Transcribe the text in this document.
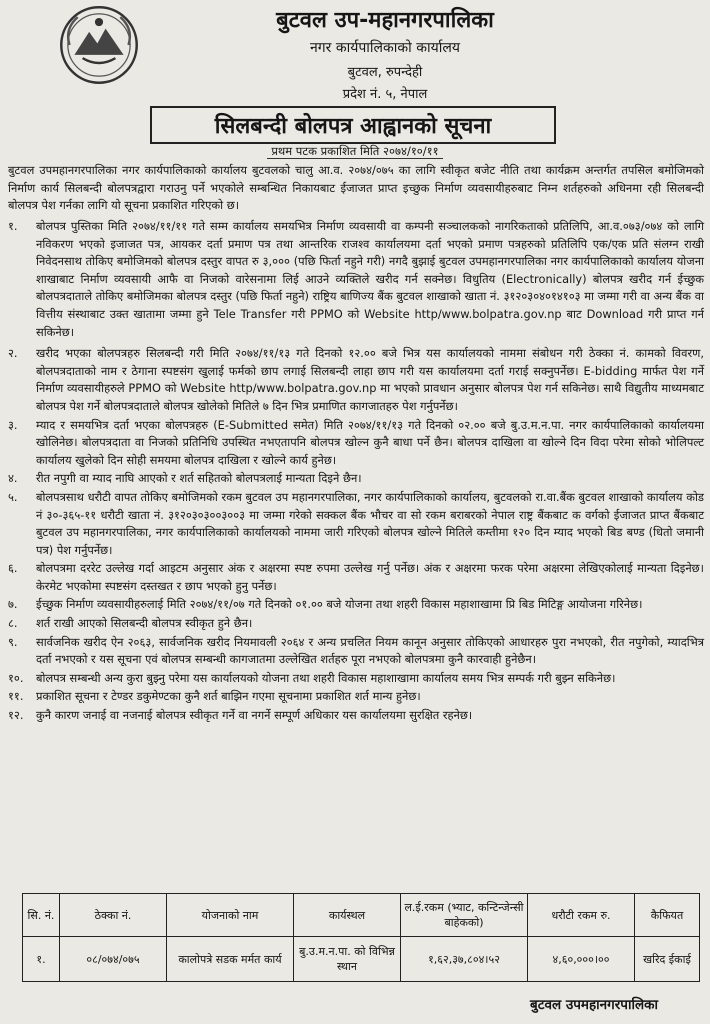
बुटवल उप-महानगरपालिका
नगर कार्यपालिकाको कार्यालय
बुटवल, रुपन्देही
प्रदेश नं. ५, नेपाल
सिलबन्दी बोलपत्र आह्वानको सूचना
प्रथम पटक प्रकाशित मिति २०७४/१०/११
बुटवल उपमहानगरपालिका नगर कार्यपालिकाको कार्यालय बुटवलको चालु आ.व. २०७४/०७५ का लागि स्वीकृत बजेट नीति तथा कार्यक्रम अन्तर्गत तपसिल बमोजिमको निर्माण कार्य सिलबन्दी बोलपत्रद्वारा गराउनु पर्ने भएकोले सम्बन्धित निकायबाट ईजाजत प्राप्त इच्छुक निर्माण व्यवसायीहरुबाट निम्न शर्तहरुको अधिनमा रही सिलबन्दी बोलपत्र पेश गर्नका लागि यो सूचना प्रकाशित गरिएको छ।
१.	बोलपत्र पुस्तिका मिति २०७४/११/११ गते सम्म कार्यालय समयभित्र निर्माण व्यवसायी वा कम्पनी सञ्चालकको नागरिकताको प्रतिलिपि, आ.व.०७३/०७४ को लागि नविकरण भएको इजाजत पत्र, आयकर दर्ता प्रमाण पत्र तथा आन्तरिक राजश्व कार्यालयमा दर्ता भएको प्रमाण पत्रहरुको प्रतिलिपि एक/एक प्रति संलग्न राखी निवेदनसाथ तोकिए बमोजिमको बोलपत्र दस्तुर वापत रु ३,००० (पछि फिर्ता नहुने गरी) नगदै बुझाई बुटवल उपमहानगरपालिका नगर कार्यपालिकाको कार्यालय योजना शाखाबाट निर्माण व्यवसायी आफै वा निजको वारेसनामा लिई आउने व्यक्तिले खरीद गर्न सक्नेछ। विधुतिय (Electronically) बोलपत्र खरीद गर्न ईच्छुक बोलपत्रदाताले तोकिए बमोजिमका बोलपत्र दस्तुर (पछि फिर्ता नहुने) राष्ट्रिय बाणिज्य बैंक बुटवल शाखाको खाता नं. ३१२०३०४०१४१०३ मा जम्मा गरी वा अन्य बैंक वा वित्तीय संस्थाबाट उक्त खातामा जम्मा हुने Tele Transfer गरी PPMO को Website http/www.bolpatra.gov.np बाट Download गरी प्राप्त गर्न सकिनेछ।
२.	खरीद भएका बोलपत्रहरु सिलबन्दी गरी मिति २०७४/११/१३ गते दिनको १२.०० बजे भित्र यस कार्यालयको नाममा संबोधन गरी ठेक्का नं. कामको विवरण, बोलपत्रदाताको नाम र ठेगाना स्पष्टसंग खुलाई फर्मको छाप लगाई सिलबन्दी लाहा छाप गरी यस कार्यालयमा दर्ता गराई सक्नुपर्नेछ। E-bidding मार्फत पेश गर्ने निर्माण व्यवसायीहरुले PPMO को Website http/www.bolpatra.gov.np मा भएको प्रावधान अनुसार बोलपत्र पेश गर्न सकिनेछ। साथै विद्युतीय माध्यमबाट बोलपत्र पेश गर्ने बोलपत्रदाताले बोलपत्र खोलेको मितिले ७ दिन भित्र प्रमाणित कागजातहरु पेश गर्नुपर्नेछ।
३.	म्याद र समयभित्र दर्ता भएका बोलपत्रहरु (E-Submitted समेत) मिति २०७४/११/१३ गते दिनको ०२.०० बजे बु.उ.म.न.पा. नगर कार्यपालिकाको कार्यालयमा खोलिनेछ। बोलपत्रदाता वा निजको प्रतिनिधि उपस्थित नभएतापनि बोलपत्र खोल्न कुनै बाधा पर्ने छैन। बोलपत्र दाखिला वा खोल्ने दिन विदा परेमा सोको भोलिपल्ट कार्यालय खुलेको दिन सोही समयमा बोलपत्र दाखिला र खोल्ने कार्य हुनेछ।
४.	रीत नपुगी वा म्याद नाघि आएको र शर्त सहितको बोलपत्रलाई मान्यता दिइने छैन।
५.	बोलपत्रसाथ धरौटी वापत तोकिए बमोजिमको रकम बुटवल उप महानगरपालिका, नगर कार्यपालिकाको कार्यालय, बुटवलको रा.वा.बैंक बुटवल शाखाको कार्यालय कोड नं ३०-३६५-११ धरौटी खाता नं. ३१२०३०३००३००३ मा जम्मा गरेको सक्कल बैंक भौचर वा सो रकम बराबरको नेपाल राष्ट्र बैंकबाट क वर्गको ईजाजत प्राप्त बैंकबाट बुटवल उप महानगरपालिका, नगर कार्यपालिकाको कार्यालयको नाममा जारी गरिएको बोलपत्र खोल्ने मितिले कम्तीमा १२० दिन म्याद भएको बिड बण्ड (धितो जमानी पत्र) पेश गर्नुपर्नेछ।
६.	बोलपत्रमा दररेट उल्लेख गर्दा आइटम अनुसार अंक र अक्षरमा स्पष्ट रुपमा उल्लेख गर्नु पर्नेछ। अंक र अक्षरमा फरक परेमा अक्षरमा लेखिएकोलाई मान्यता दिइनेछ। केरमेट भएकोमा स्पष्टसंग दस्तखत र छाप भएको हुनु पर्नेछ।
७.	ईच्छुक निर्माण व्यवसायीहरुलाई मिति २०७४/११/०७ गते दिनको ०१.०० बजे योजना तथा शहरी विकास महाशाखामा प्रि बिड मिटिङ्ग आयोजना गरिनेछ।
८.	शर्त राखी आएको सिलबन्दी बोलपत्र स्वीकृत हुने छैन।
९.	सार्वजनिक खरीद ऐन २०६३, सार्वजनिक खरीद नियमावली २०६४ र अन्य प्रचलित नियम कानून अनुसार तोकिएको आधारहरु पुरा नभएको, रीत नपुगेको, म्यादभित्र दर्ता नभएको र यस सूचना एवं बोलपत्र सम्बन्धी कागजातमा उल्लेखित शर्तहरु पूरा नभएको बोलपत्रमा कुनै कारवाही हुनेछैन।
१०.	बोलपत्र सम्बन्धी अन्य कुरा बुझ्नु परेमा यस कार्यालयको योजना तथा शहरी विकास महाशाखामा कार्यालय समय भित्र सम्पर्क गरी बुझ्न सकिनेछ।
११.	प्रकाशित सूचना र टेण्डर डकुमेण्टका कुनै शर्त बाझिन गएमा सूचनामा प्रकाशित शर्त मान्य हुनेछ।
१२.	कुनै कारण जनाई वा नजनाई बोलपत्र स्वीकृत गर्ने वा नगर्ने सम्पूर्ण अधिकार यस कार्यालयमा सुरक्षित रहनेछ।
सि. नं.	ठेक्का नं.	योजनाको नाम	कार्यस्थल	ल.ई.रकम (भ्याट, कन्टिन्जेन्सी बाहेकको)	धरौटी रकम रु.	कैफियत
१.	०८/०७४/०७५	कालोपत्रे सडक मर्मत कार्य	बु.उ.म.न.पा. को विभिन्न स्थान	१,६२,३७,८०४।५२	४,६०,०००।००	खरिद ईकाई
बुटवल उपमहानगरपालिका
